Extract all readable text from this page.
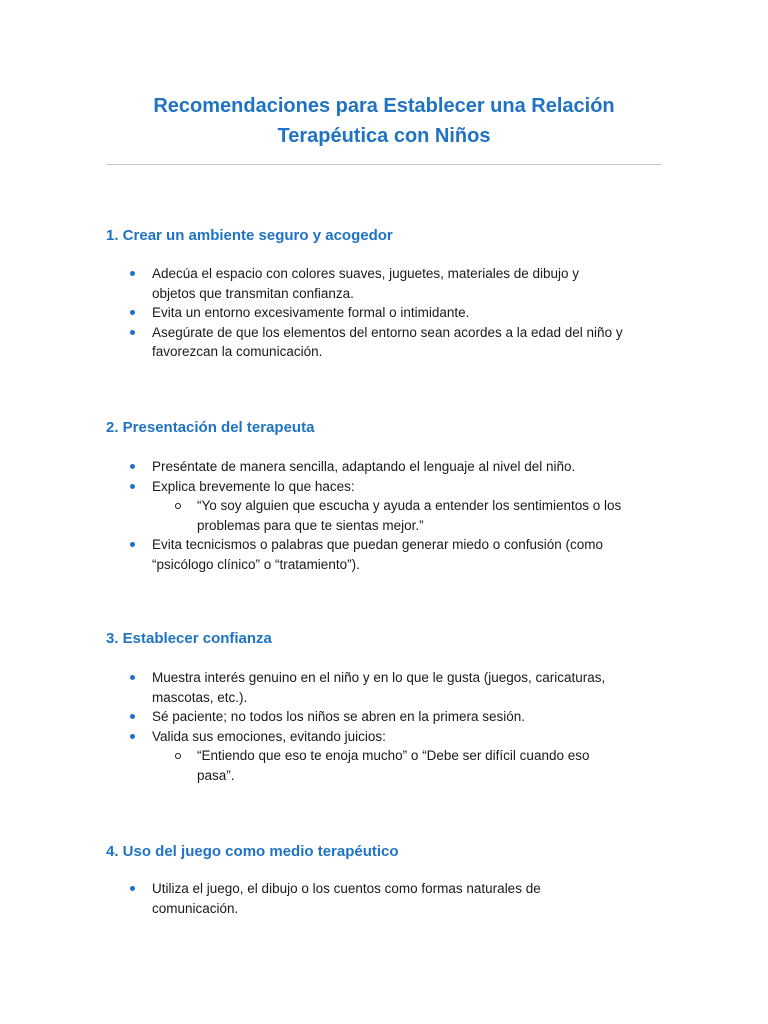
Recomendaciones para Establecer una Relación
Terapéutica con Niños
1. Crear un ambiente seguro y acogedor
Adecúa el espacio con colores suaves, juguetes, materiales de dibujo y
objetos que transmitan confianza.
Evita un entorno excesivamente formal o intimidante.
Asegúrate de que los elementos del entorno sean acordes a la edad del niño y
favorezcan la comunicación.
2. Presentación del terapeuta
Preséntate de manera sencilla, adaptando el lenguaje al nivel del niño.
Explica brevemente lo que haces:
“Yo soy alguien que escucha y ayuda a entender los sentimientos o los
problemas para que te sientas mejor.”
Evita tecnicismos o palabras que puedan generar miedo o confusión (como
“psicólogo clínico” o “tratamiento”).
3. Establecer confianza
Muestra interés genuino en el niño y en lo que le gusta (juegos, caricaturas,
mascotas, etc.).
Sé paciente; no todos los niños se abren en la primera sesión.
Valida sus emociones, evitando juicios:
“Entiendo que eso te enoja mucho” o “Debe ser difícil cuando eso
pasa”.
4. Uso del juego como medio terapéutico
Utiliza el juego, el dibujo o los cuentos como formas naturales de
comunicación.
